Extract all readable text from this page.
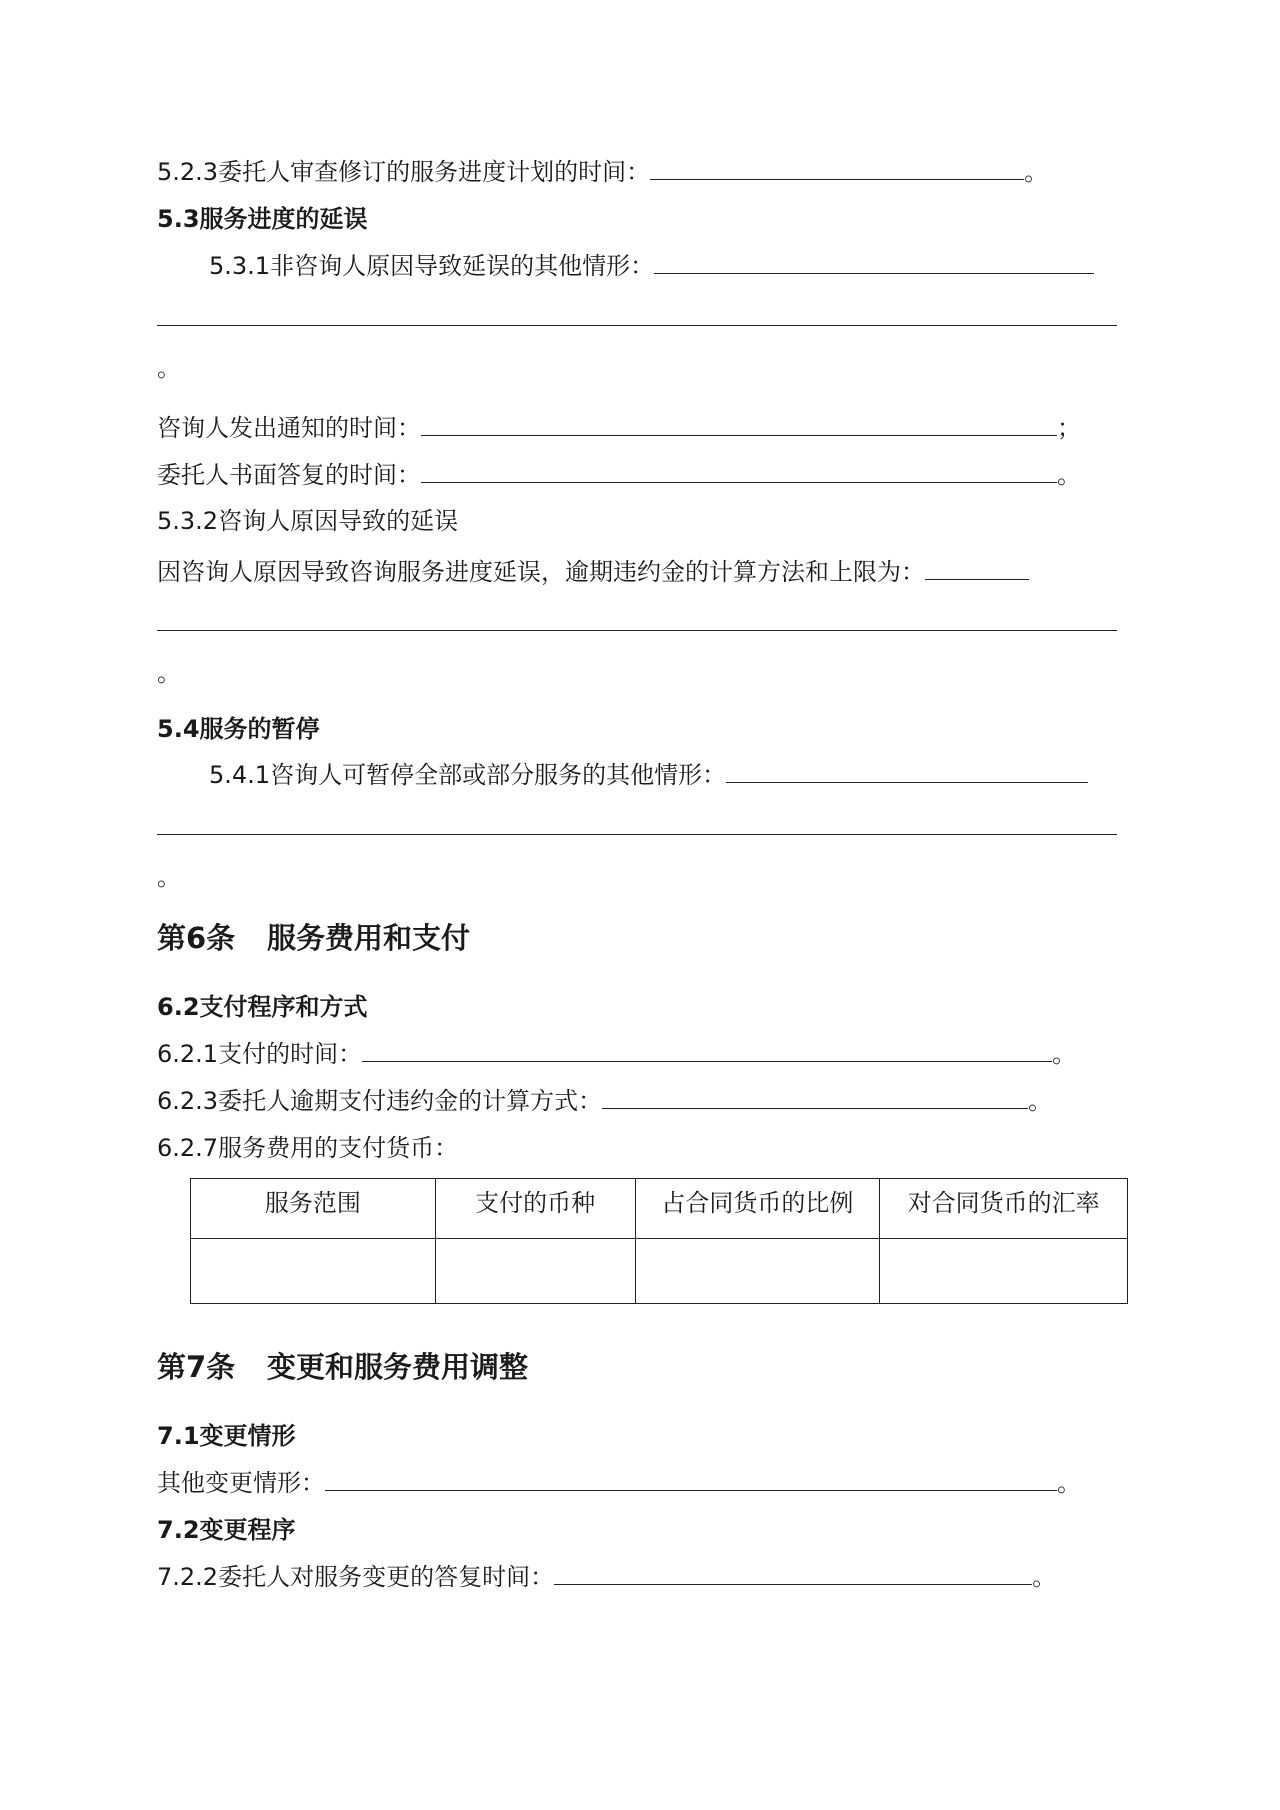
5.2.3委托人审查修订的服务进度计划的时间：	。
5.3服务进度的延误
5.3.1非咨询人原因导致延误的其他情形：
。
咨询人发出通知的时间：	；
委托人书面答复的时间：	。
5.3.2咨询人原因导致的延误
因咨询人原因导致咨询服务进度延误，逾期违约金的计算方法和上限为：
。
5.4服务的暂停
5.4.1咨询人可暂停全部或部分服务的其他情形：
。
第6条 服务费用和支付
6.2支付程序和方式
6.2.1支付的时间：	。
6.2.3委托人逾期支付违约金的计算方式：	。
6.2.7服务费用的支付货币：
服务范围	支付的币种	占合同货币的比例	对合同货币的汇率

第7条 变更和服务费用调整
7.1变更情形
其他变更情形：	。
7.2变更程序
7.2.2委托人对服务变更的答复时间：	。
